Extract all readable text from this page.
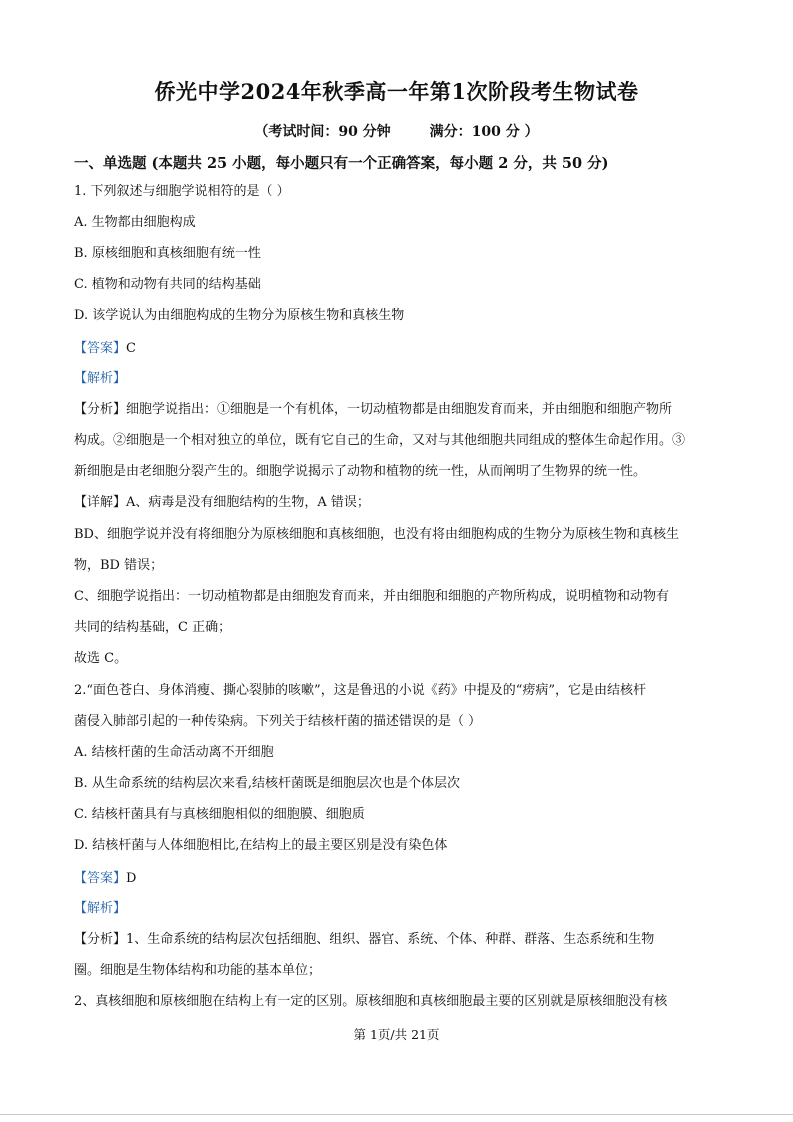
侨光中学2024年秋季高一年第1次阶段考生物试卷
（考试时间：90 分钟        满分：100 分 ）
一、单选题 (本题共 25 小题，每小题只有一个正确答案，每小题 2 分，共 50 分)
1. 下列叙述与细胞学说相符的是（ ）
A. 生物都由细胞构成
B. 原核细胞和真核细胞有统一性
C. 植物和动物有共同的结构基础
D. 该学说认为由细胞构成的生物分为原核生物和真核生物
【答案】C
【解析】
【分析】细胞学说指出：①细胞是一个有机体，一切动植物都是由细胞发育而来，并由细胞和细胞产物所
构成。②细胞是一个相对独立的单位，既有它自己的生命，又对与其他细胞共同组成的整体生命起作用。③
新细胞是由老细胞分裂产生的。细胞学说揭示了动物和植物的统一性，从而阐明了生物界的统一性。
【详解】A、病毒是没有细胞结构的生物，A 错误；
BD、细胞学说并没有将细胞分为原核细胞和真核细胞，也没有将由细胞构成的生物分为原核生物和真核生
物，BD 错误；
C、细胞学说指出：一切动植物都是由细胞发育而来，并由细胞和细胞的产物所构成，说明植物和动物有
共同的结构基础，C 正确；
故选 C。
2.“面色苍白、身体消瘦、撕心裂肺的咳嗽”，这是鲁迅的小说《药》中提及的“痨病”，它是由结核杆
菌侵入肺部引起的一种传染病。下列关于结核杆菌的描述错误的是（ ）
A. 结核杆菌的生命活动离不开细胞
B. 从生命系统的结构层次来看,结核杆菌既是细胞层次也是个体层次
C. 结核杆菌具有与真核细胞相似的细胞膜、细胞质
D. 结核杆菌与人体细胞相比,在结构上的最主要区别是没有染色体
【答案】D
【解析】
【分析】1、生命系统的结构层次包括细胞、组织、器官、系统、个体、种群、群落、生态系统和生物
圈。细胞是生物体结构和功能的基本单位；
2、真核细胞和原核细胞在结构上有一定的区别。原核细胞和真核细胞最主要的区别就是原核细胞没有核
第 1页/共 21页
